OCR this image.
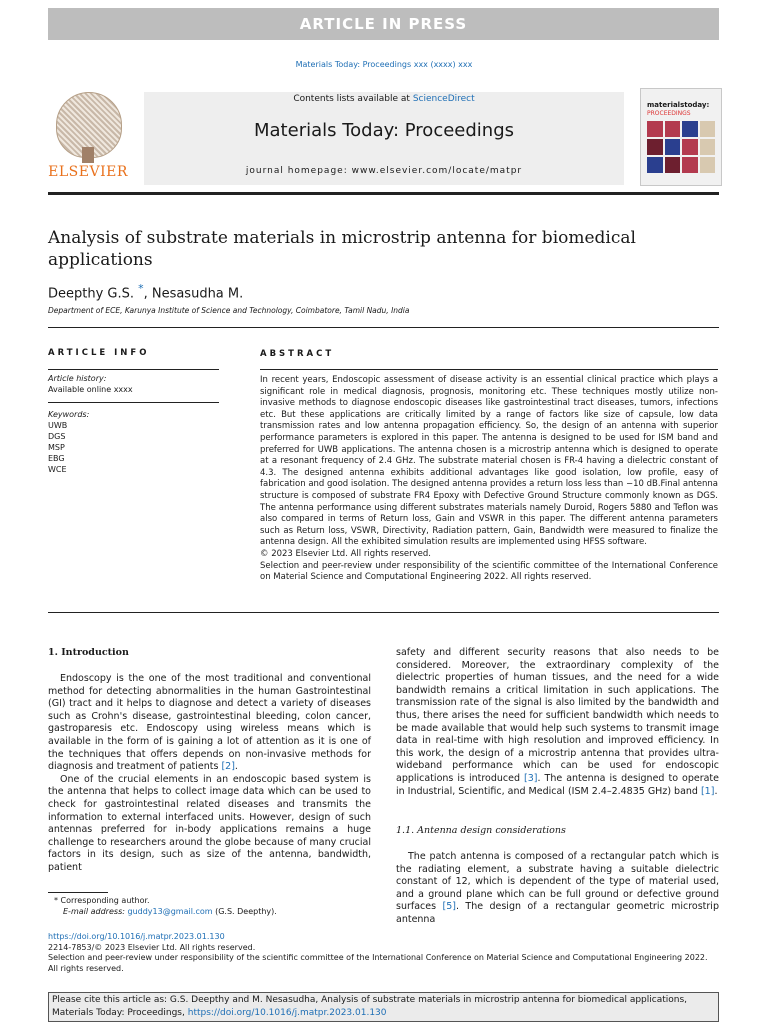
ARTICLE IN PRESS
Materials Today: Proceedings xxx (xxxx) xxx
ELSEVIER
Contents lists available at ScienceDirect
Materials Today: Proceedings
journal homepage: www.elsevier.com/locate/matpr
materialstoday:
PROCEEDINGS
Analysis of substrate materials in microstrip antenna for biomedical applications
Deepthy G.S. *, Nesasudha M.
Department of ECE, Karunya Institute of Science and Technology, Coimbatore, Tamil Nadu, India
ARTICLE INFO
Article history:
Available online xxxx
Keywords:
UWB
DGS
MSP
EBG
WCE
ABSTRACT

In recent years, Endoscopic assessment of disease activity is an essential clinical practice which plays a significant role in medical diagnosis, prognosis, monitoring etc. These techniques mostly utilize non-invasive methods to diagnose endoscopic diseases like gastrointestinal tract diseases, tumors, infections etc. But these applications are critically limited by a range of factors like size of capsule, low data transmission rates and low antenna propagation efficiency. So, the design of an antenna with superior performance parameters is explored in this paper. The antenna is designed to be used for ISM band and preferred for UWB applications. The antenna chosen is a microstrip antenna which is designed to operate at a resonant frequency of 2.4 GHz. The substrate material chosen is FR-4 having a dielectric constant of 4.3. The designed antenna exhibits additional advantages like good isolation, low profile, easy of fabrication and good isolation. The designed antenna provides a return loss less than −10 dB.Final antenna structure is composed of substrate FR4 Epoxy with Defective Ground Structure commonly known as DGS. The antenna performance using different substrates materials namely Duroid, Rogers 5880 and Teflon was also compared in terms of Return loss, Gain and VSWR in this paper. The different antenna parameters such as Return loss, VSWR, Directivity, Radiation pattern, Gain, Bandwidth were measured to finalize the antenna design. All the exhibited simulation results are implemented using HFSS software.

© 2023 Elsevier Ltd. All rights reserved.

Selection and peer-review under responsibility of the scientific committee of the International Conference on Material Science and Computational Engineering 2022. All rights reserved.

1. Introduction

Endoscopy is the one of the most traditional and conventional method for detecting abnormalities in the human Gastrointestinal (GI) tract and it helps to diagnose and detect a variety of diseases such as Crohn's disease, gastrointestinal bleeding, colon cancer, gastroparesis etc. Endoscopy using wireless means which is available in the form of is gaining a lot of attention as it is one of the techniques that offers depends on non-invasive methods for diagnosis and treatment of patients [2].

One of the crucial elements in an endoscopic based system is the antenna that helps to collect image data which can be used to check for gastrointestinal related diseases and transmits the information to external interfaced units. However, design of such antennas preferred for in-body applications remains a huge challenge to researchers around the globe because of many crucial factors in its design, such as size of the antenna, bandwidth, patient

safety and different security reasons that also needs to be considered. Moreover, the extraordinary complexity of the dielectric properties of human tissues, and the need for a wide bandwidth remains a critical limitation in such applications. The transmission rate of the signal is also limited by the bandwidth and thus, there arises the need for sufficient bandwidth which needs to be made available that would help such systems to transmit image data in real-time with high resolution and improved efficiency. In this work, the design of a microstrip antenna that provides ultra-wideband performance which can be used for endoscopic applications is introduced [3]. The antenna is designed to operate in Industrial, Scientific, and Medical (ISM 2.4–2.4835 GHz) band [1].

1.1. Antenna design considerations

The patch antenna is composed of a rectangular patch which is the radiating element, a substrate having a suitable dielectric constant of 12, which is dependent of the type of material used, and a ground plane which can be full ground or defective ground surfaces [5]. The design of a rectangular geometric microstrip antenna

* Corresponding author.
E-mail address: guddy13@gmail.com (G.S. Deepthy).
https://doi.org/10.1016/j.matpr.2023.01.130
2214-7853/© 2023 Elsevier Ltd. All rights reserved.
Selection and peer-review under responsibility of the scientific committee of the International Conference on Material Science and Computational Engineering 2022. All rights reserved.
Please cite this article as: G.S. Deepthy and M. Nesasudha, Analysis of substrate materials in microstrip antenna for biomedical applications, Materials Today: Proceedings, https://doi.org/10.1016/j.matpr.2023.01.130
